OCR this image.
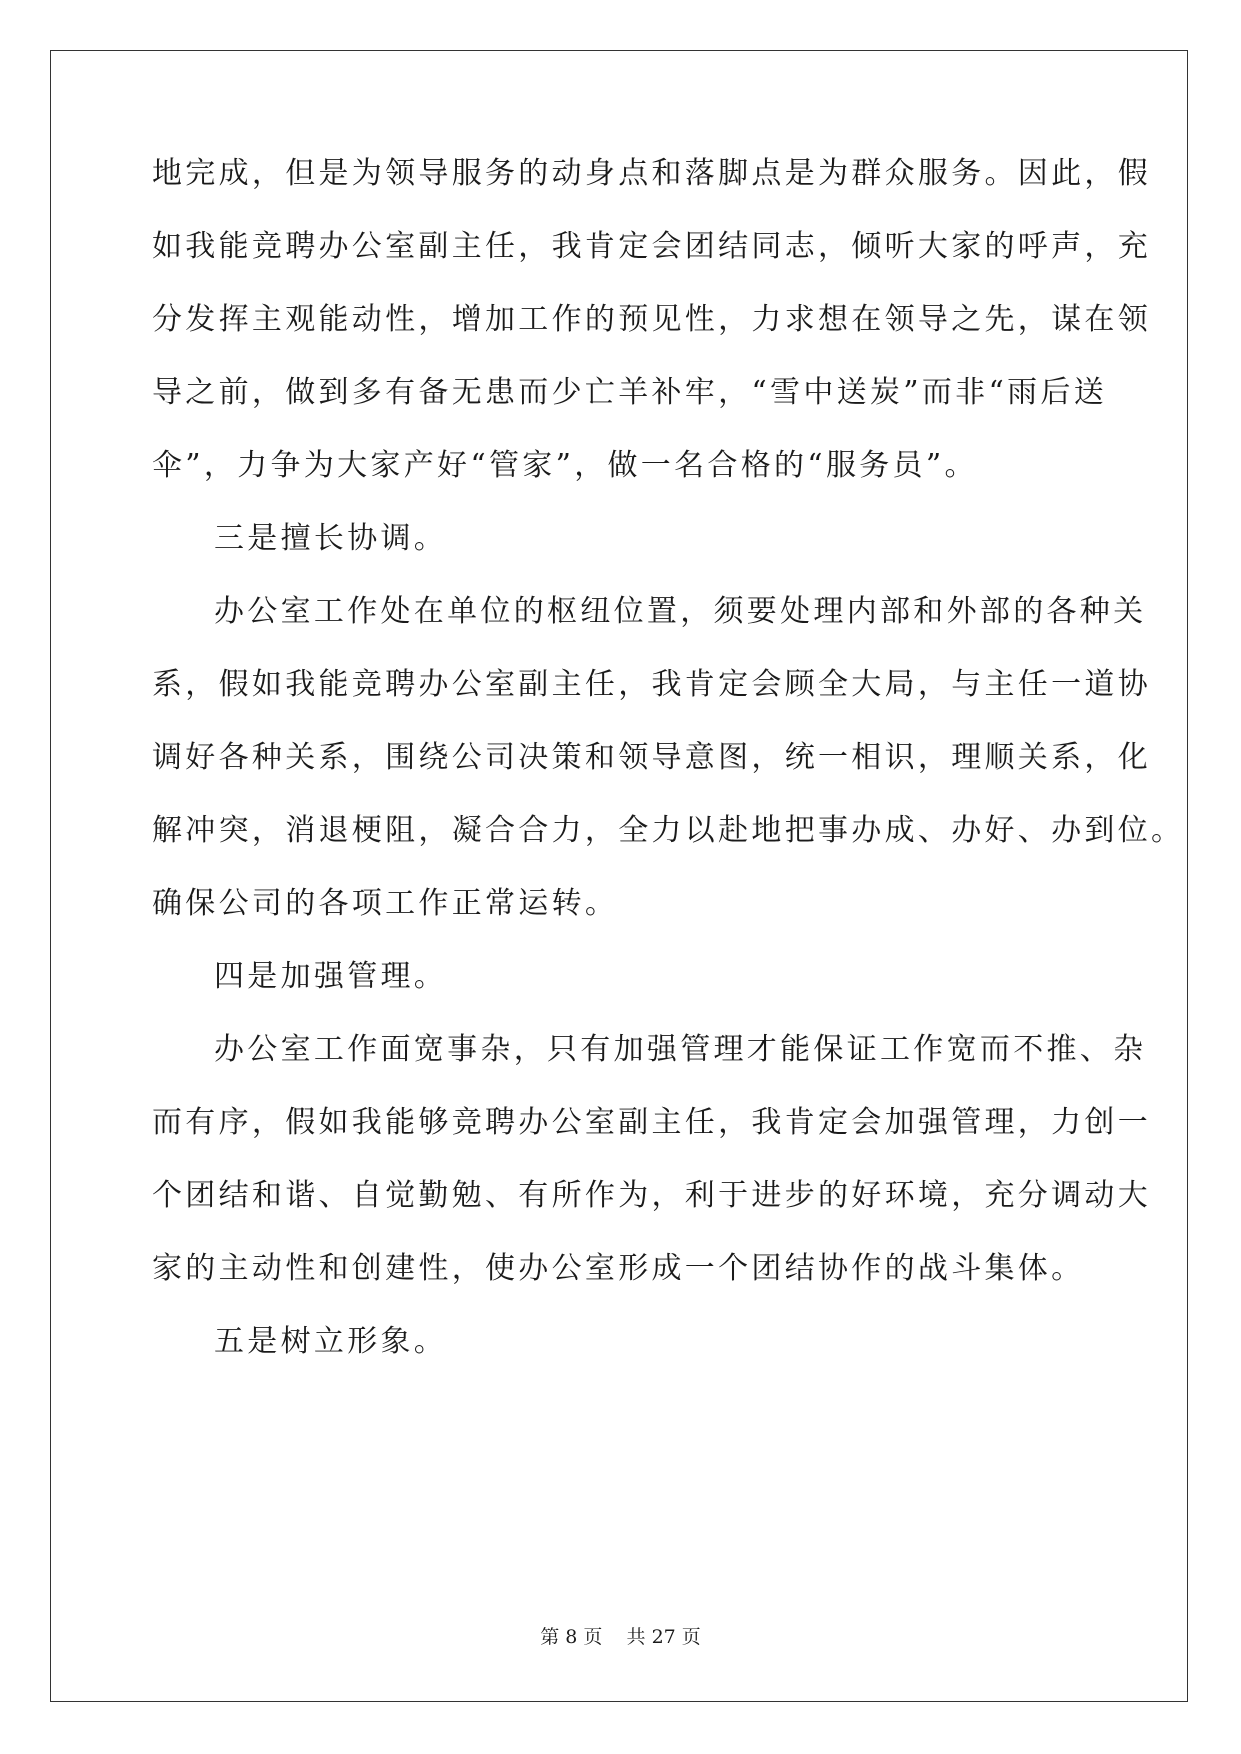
地完成，但是为领导服务的动身点和落脚点是为群众服务。因此，假
如我能竞聘办公室副主任，我肯定会团结同志，倾听大家的呼声，充
分发挥主观能动性，增加工作的预见性，力求想在领导之先，谋在领
导之前，做到多有备无患而少亡羊补牢，“雪中送炭”而非“雨后送
伞”，力争为大家产好“管家”，做一名合格的“服务员”。
三是擅长协调。
办公室工作处在单位的枢纽位置，须要处理内部和外部的各种关
系，假如我能竞聘办公室副主任，我肯定会顾全大局，与主任一道协
调好各种关系，围绕公司决策和领导意图，统一相识，理顺关系，化
解冲突，消退梗阻，凝合合力，全力以赴地把事办成、办好、办到位。
确保公司的各项工作正常运转。
四是加强管理。
办公室工作面宽事杂，只有加强管理才能保证工作宽而不推、杂
而有序，假如我能够竞聘办公室副主任，我肯定会加强管理，力创一
个团结和谐、自觉勤勉、有所作为，利于进步的好环境，充分调动大
家的主动性和创建性，使办公室形成一个团结协作的战斗集体。
五是树立形象。
第 8 页 共 27 页
